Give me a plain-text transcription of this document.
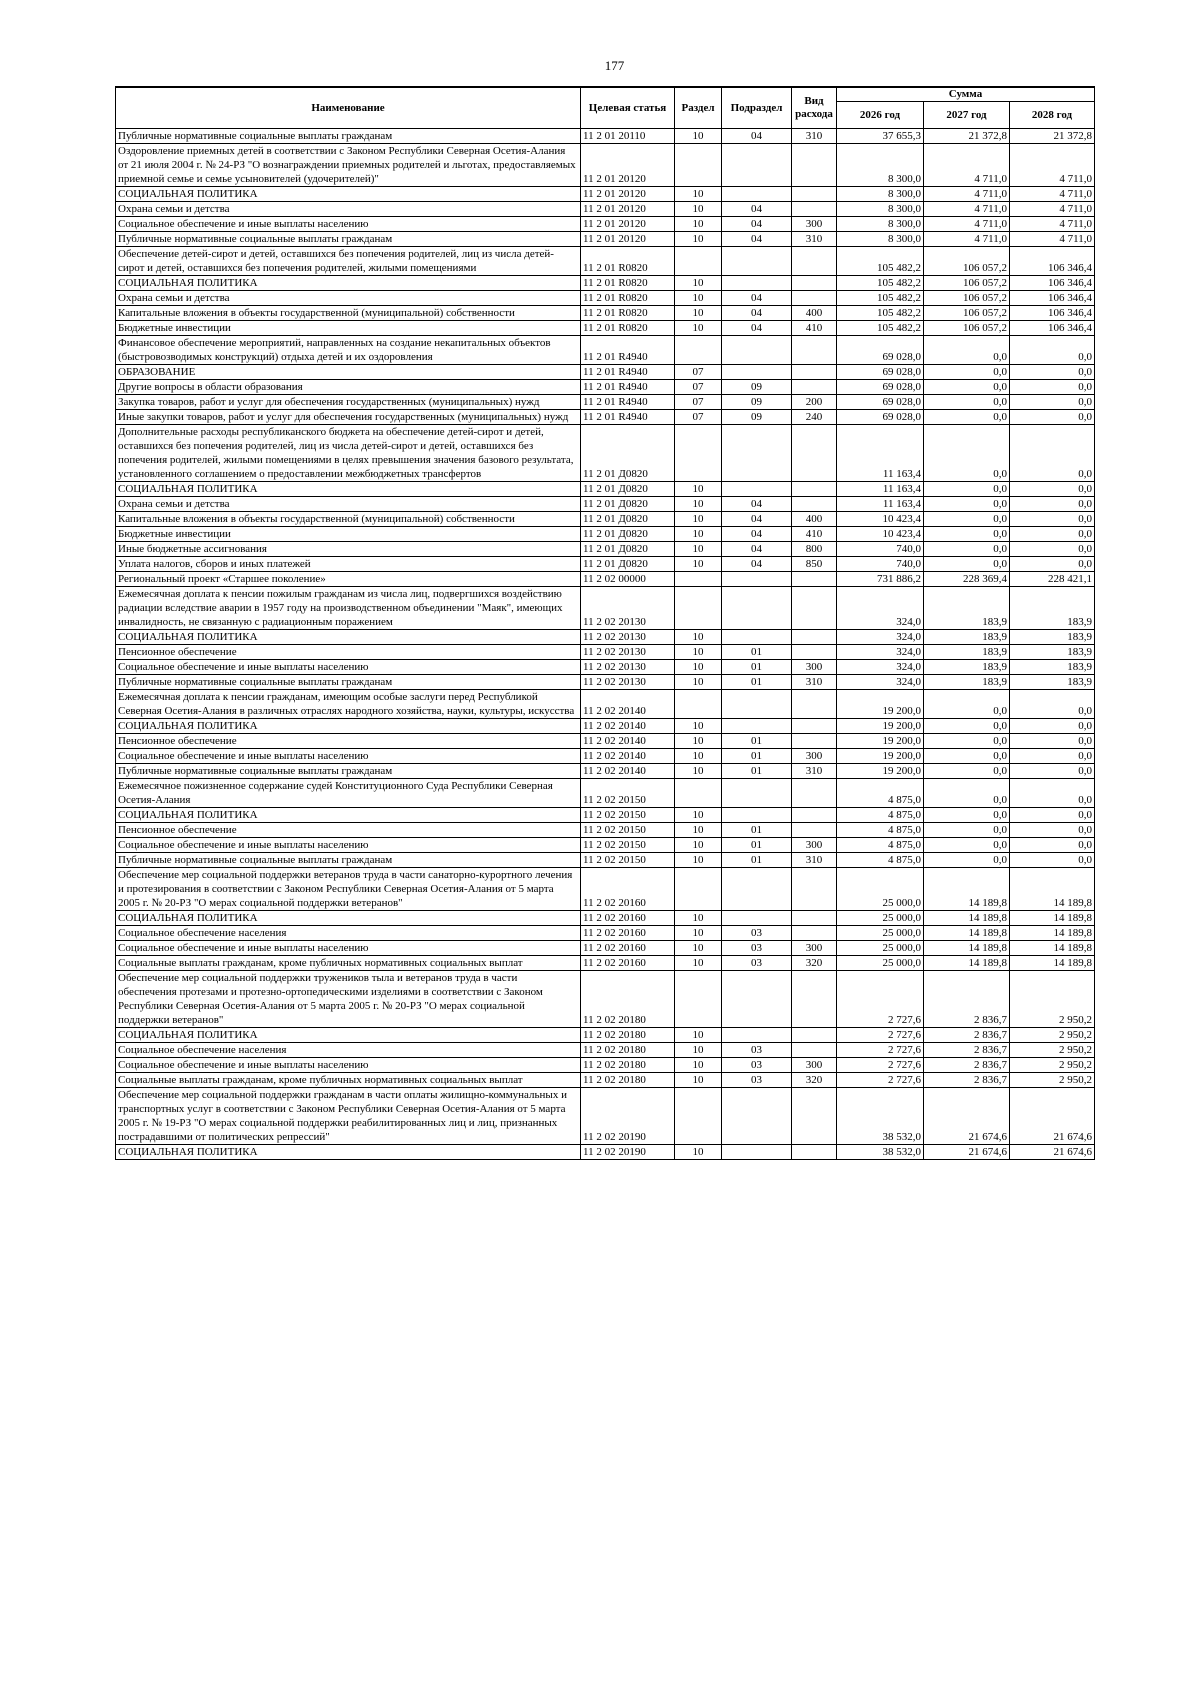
177
Наименование	Целевая статья	Раздел	Подраздел	Вид расхода	Сумма		
					2026 год	2027 год	2028 год
Публичные нормативные социальные выплаты гражданам	11 2 01 20110	10	04	310	37 655,3	21 372,8	21 372,8
Оздоровление приемных детей в соответствии с Законом Республики Северная Осетия-Алания от 21 июля 2004 г. № 24-РЗ "О вознаграждении приемных родителей и льготах, предоставляемых приемной семье и семье усыновителей (удочерителей)"	11 2 01 20120				8 300,0	4 711,0	4 711,0
СОЦИАЛЬНАЯ ПОЛИТИКА	11 2 01 20120	10			8 300,0	4 711,0	4 711,0
Охрана семьи и детства	11 2 01 20120	10	04		8 300,0	4 711,0	4 711,0
Социальное обеспечение и иные выплаты населению	11 2 01 20120	10	04	300	8 300,0	4 711,0	4 711,0
Публичные нормативные социальные выплаты гражданам	11 2 01 20120	10	04	310	8 300,0	4 711,0	4 711,0
Обеспечение детей-сирот и детей, оставшихся без попечения родителей, лиц из числа детей-сирот и детей, оставшихся без попечения родителей, жилыми помещениями	11 2 01 R0820				105 482,2	106 057,2	106 346,4
СОЦИАЛЬНАЯ ПОЛИТИКА	11 2 01 R0820	10			105 482,2	106 057,2	106 346,4
Охрана семьи и детства	11 2 01 R0820	10	04		105 482,2	106 057,2	106 346,4
Капитальные вложения в объекты государственной (муниципальной) собственности	11 2 01 R0820	10	04	400	105 482,2	106 057,2	106 346,4
Бюджетные инвестиции	11 2 01 R0820	10	04	410	105 482,2	106 057,2	106 346,4
Финансовое обеспечение мероприятий, направленных на создание некапитальных объектов (быстровозводимых конструкций) отдыха детей и их оздоровления	11 2 01 R4940				69 028,0	0,0	0,0
ОБРАЗОВАНИЕ	11 2 01 R4940	07			69 028,0	0,0	0,0
Другие вопросы в области образования	11 2 01 R4940	07	09		69 028,0	0,0	0,0
Закупка товаров, работ и услуг для обеспечения государственных (муниципальных) нужд	11 2 01 R4940	07	09	200	69 028,0	0,0	0,0
Иные закупки товаров, работ и услуг для обеспечения государственных (муниципальных) нужд	11 2 01 R4940	07	09	240	69 028,0	0,0	0,0
Дополнительные расходы республиканского бюджета на обеспечение детей-сирот и детей, оставшихся без попечения родителей, лиц из числа детей-сирот и детей, оставшихся без попечения родителей, жилыми помещениями в целях превышения значения базового результата, установленного соглашением о предоставлении межбюджетных трансфертов	11 2 01 Д0820				11 163,4	0,0	0,0
СОЦИАЛЬНАЯ ПОЛИТИКА	11 2 01 Д0820	10			11 163,4	0,0	0,0
Охрана семьи и детства	11 2 01 Д0820	10	04		11 163,4	0,0	0,0
Капитальные вложения в объекты государственной (муниципальной) собственности	11 2 01 Д0820	10	04	400	10 423,4	0,0	0,0
Бюджетные инвестиции	11 2 01 Д0820	10	04	410	10 423,4	0,0	0,0
Иные бюджетные ассигнования	11 2 01 Д0820	10	04	800	740,0	0,0	0,0
Уплата налогов, сборов и иных платежей	11 2 01 Д0820	10	04	850	740,0	0,0	0,0
Региональный проект «Старшее поколение»	11 2 02 00000				731 886,2	228 369,4	228 421,1
Ежемесячная доплата к пенсии пожилым гражданам из числа лиц, подвергшихся воздействию радиации вследствие аварии в 1957 году на производственном объединении "Маяк", имеющих инвалидность, не связанную с радиационным поражением	11 2 02 20130				324,0	183,9	183,9
СОЦИАЛЬНАЯ ПОЛИТИКА	11 2 02 20130	10			324,0	183,9	183,9
Пенсионное обеспечение	11 2 02 20130	10	01		324,0	183,9	183,9
Социальное обеспечение и иные выплаты населению	11 2 02 20130	10	01	300	324,0	183,9	183,9
Публичные нормативные социальные выплаты гражданам	11 2 02 20130	10	01	310	324,0	183,9	183,9
Ежемесячная доплата к пенсии гражданам, имеющим особые заслуги перед Республикой Северная Осетия-Алания в различных отраслях народного хозяйства, науки, культуры, искусства	11 2 02 20140				19 200,0	0,0	0,0
СОЦИАЛЬНАЯ ПОЛИТИКА	11 2 02 20140	10			19 200,0	0,0	0,0
Пенсионное обеспечение	11 2 02 20140	10	01		19 200,0	0,0	0,0
Социальное обеспечение и иные выплаты населению	11 2 02 20140	10	01	300	19 200,0	0,0	0,0
Публичные нормативные социальные выплаты гражданам	11 2 02 20140	10	01	310	19 200,0	0,0	0,0
Ежемесячное пожизненное содержание судей Конституционного Суда Республики Северная Осетия-Алания	11 2 02 20150				4 875,0	0,0	0,0
СОЦИАЛЬНАЯ ПОЛИТИКА	11 2 02 20150	10			4 875,0	0,0	0,0
Пенсионное обеспечение	11 2 02 20150	10	01		4 875,0	0,0	0,0
Социальное обеспечение и иные выплаты населению	11 2 02 20150	10	01	300	4 875,0	0,0	0,0
Публичные нормативные социальные выплаты гражданам	11 2 02 20150	10	01	310	4 875,0	0,0	0,0
Обеспечение мер социальной поддержки ветеранов труда в части санаторно-курортного лечения и протезирования в соответствии с Законом Республики Северная Осетия-Алания от 5 марта 2005 г. № 20-РЗ "О мерах социальной поддержки ветеранов"	11 2 02 20160				25 000,0	14 189,8	14 189,8
СОЦИАЛЬНАЯ ПОЛИТИКА	11 2 02 20160	10			25 000,0	14 189,8	14 189,8
Социальное обеспечение населения	11 2 02 20160	10	03		25 000,0	14 189,8	14 189,8
Социальное обеспечение и иные выплаты населению	11 2 02 20160	10	03	300	25 000,0	14 189,8	14 189,8
Социальные выплаты гражданам, кроме публичных нормативных социальных выплат	11 2 02 20160	10	03	320	25 000,0	14 189,8	14 189,8
Обеспечение мер социальной поддержки тружеников тыла и ветеранов труда в части обеспечения протезами и протезно-ортопедическими изделиями в соответствии с Законом Республики Северная Осетия-Алания от 5 марта 2005 г. № 20-РЗ "О мерах социальной поддержки ветеранов"	11 2 02 20180				2 727,6	2 836,7	2 950,2
СОЦИАЛЬНАЯ ПОЛИТИКА	11 2 02 20180	10			2 727,6	2 836,7	2 950,2
Социальное обеспечение населения	11 2 02 20180	10	03		2 727,6	2 836,7	2 950,2
Социальное обеспечение и иные выплаты населению	11 2 02 20180	10	03	300	2 727,6	2 836,7	2 950,2
Социальные выплаты гражданам, кроме публичных нормативных социальных выплат	11 2 02 20180	10	03	320	2 727,6	2 836,7	2 950,2
Обеспечение мер социальной поддержки гражданам в части оплаты жилищно-коммунальных и транспортных услуг в соответствии с Законом Республики Северная Осетия-Алания от 5 марта 2005 г. № 19-РЗ "О мерах социальной поддержки реабилитированных лиц и лиц, признанных пострадавшими от политических репрессий"	11 2 02 20190				38 532,0	21 674,6	21 674,6
СОЦИАЛЬНАЯ ПОЛИТИКА	11 2 02 20190	10			38 532,0	21 674,6	21 674,6
